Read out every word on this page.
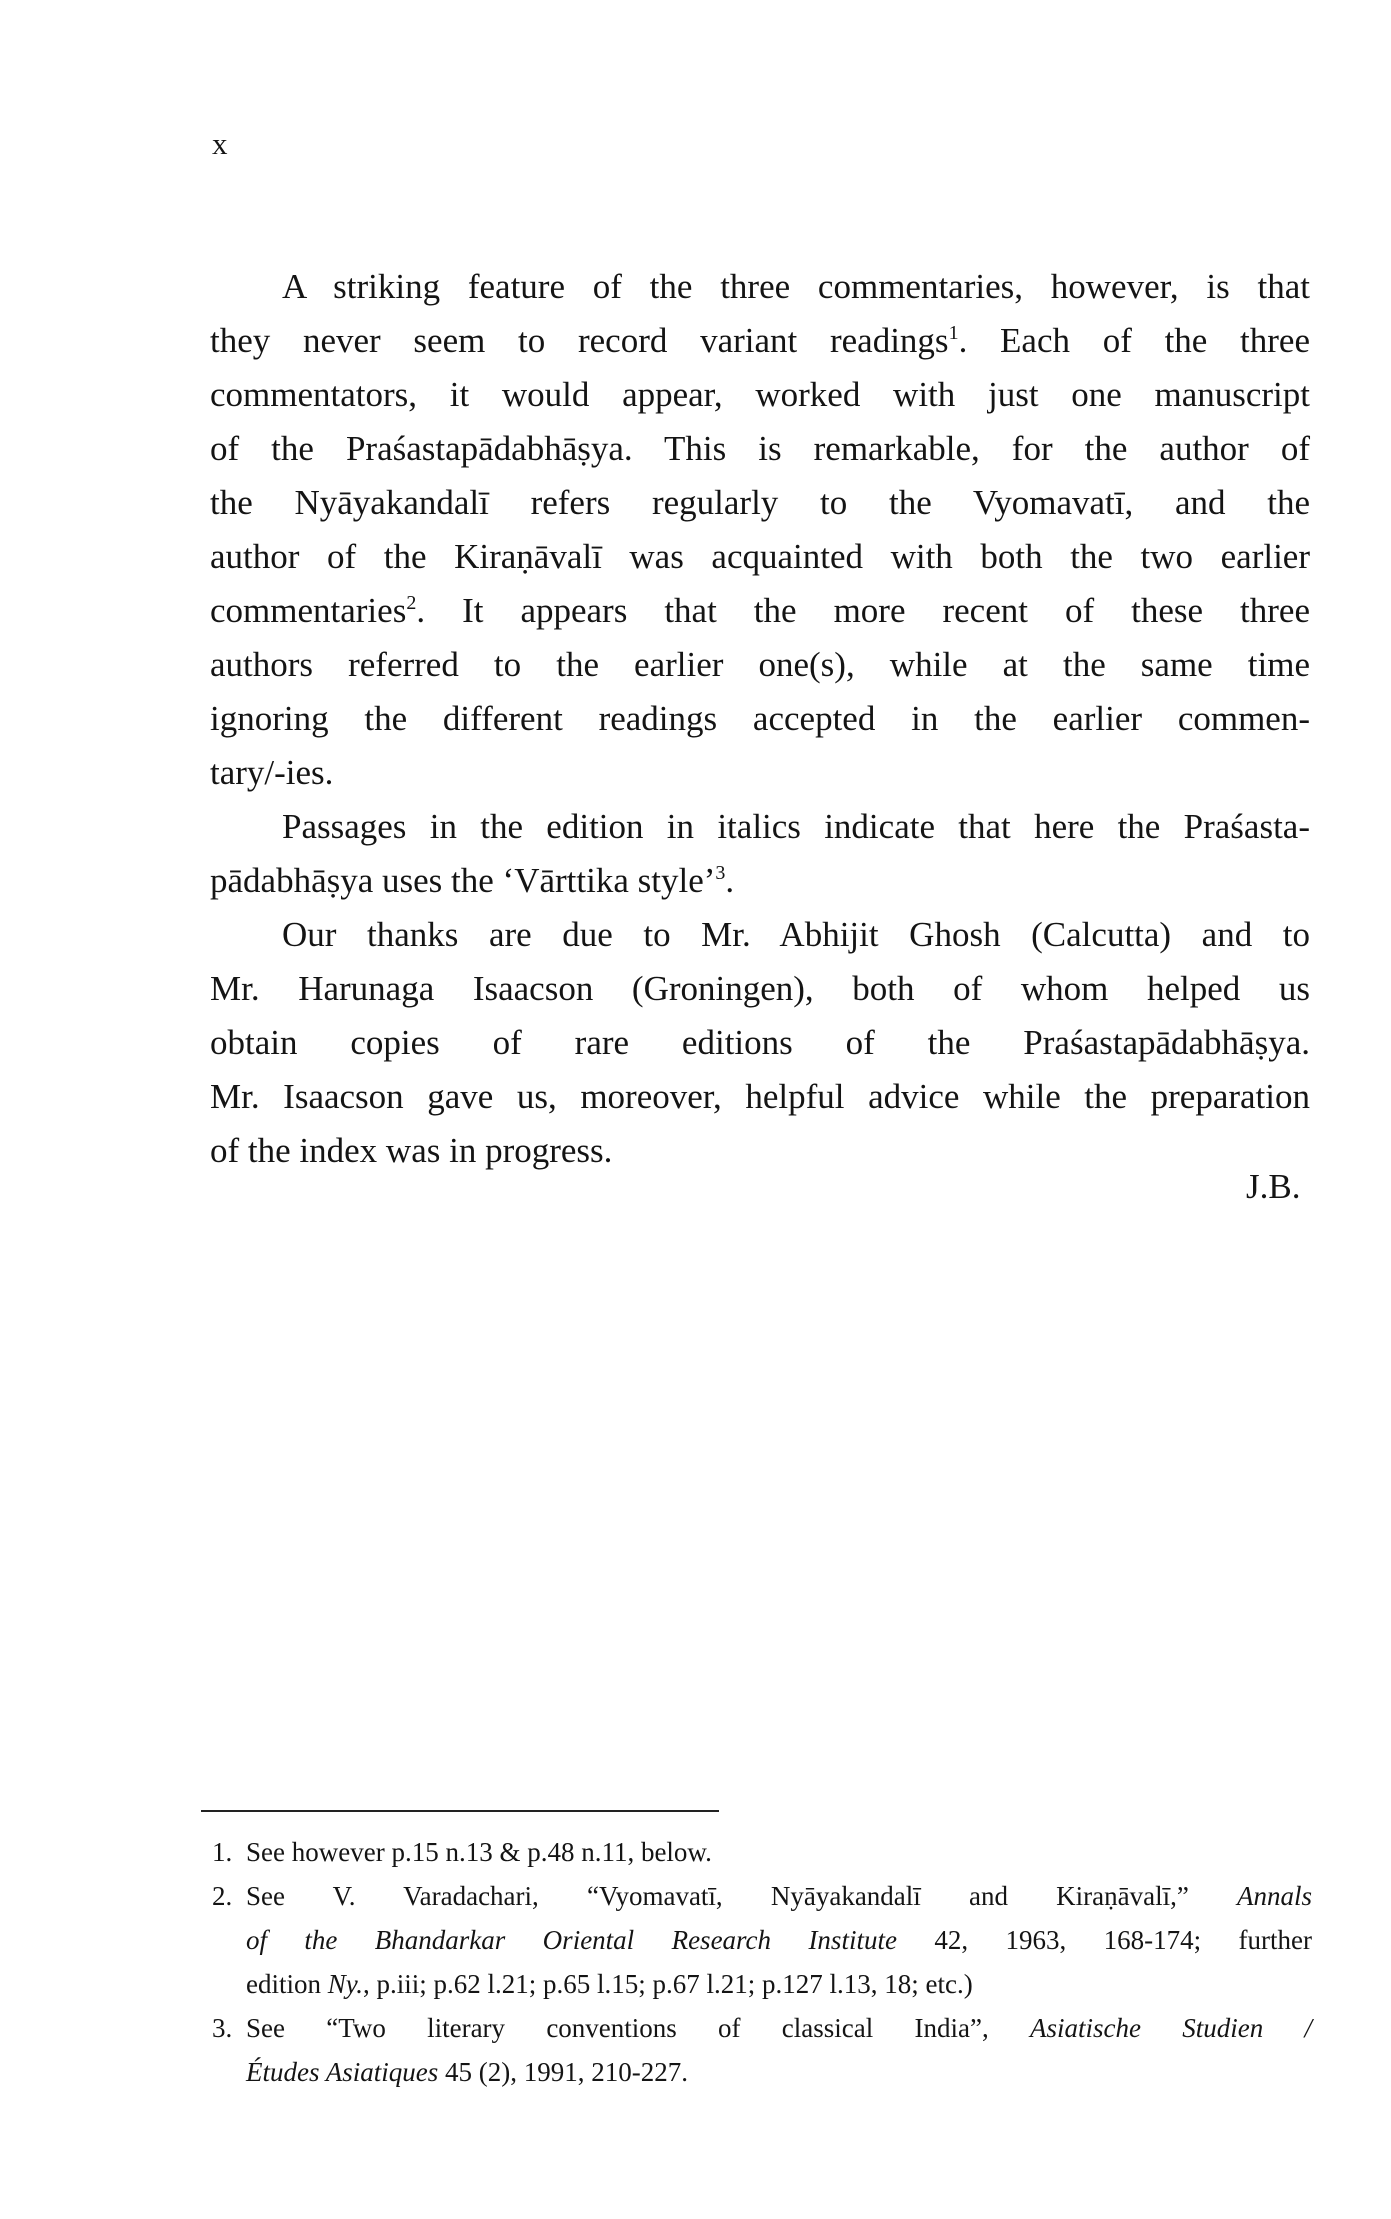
x
A striking feature of the three commentaries, however, is that
they never seem to record variant readings$^1$. Each of the three
commentators, it would appear, worked with just one manuscript
of the Praśastapādabhāṣya. This is remarkable, for the author of
the Nyāyakandalī refers regularly to the Vyomavatī, and the
author of the Kiraṇāvalī was acquainted with both the two earlier
commentaries$^2$. It appears that the more recent of these three
authors referred to the earlier one(s), while at the same time
ignoring the different readings accepted in the earlier commen-
tary/-ies.
Passages in the edition in italics indicate that here the Praśasta-
pādabhāṣya uses the ‘Vārttika style’$^3$.
Our thanks are due to Mr. Abhijit Ghosh (Calcutta) and to
Mr. Harunaga Isaacson (Groningen), both of whom helped us
obtain copies of rare editions of the Praśastapādabhāṣya.
Mr. Isaacson gave us, moreover, helpful advice while the preparation
of the index was in progress.
J.B.
1. See however p.15 n.13 & p.48 n.11, below.
2. See V. Varadachari, “Vyomavatī, Nyāyakandalī and Kiraṇāvalī,” Annals
of the Bhandarkar Oriental Research Institute 42, 1963, 168-174; further
edition Ny., p.iii; p.62 l.21; p.65 l.15; p.67 l.21; p.127 l.13, 18; etc.)
3. See “Two literary conventions of classical India”, Asiatische Studien /
Études Asiatiques 45 (2), 1991, 210-227.
